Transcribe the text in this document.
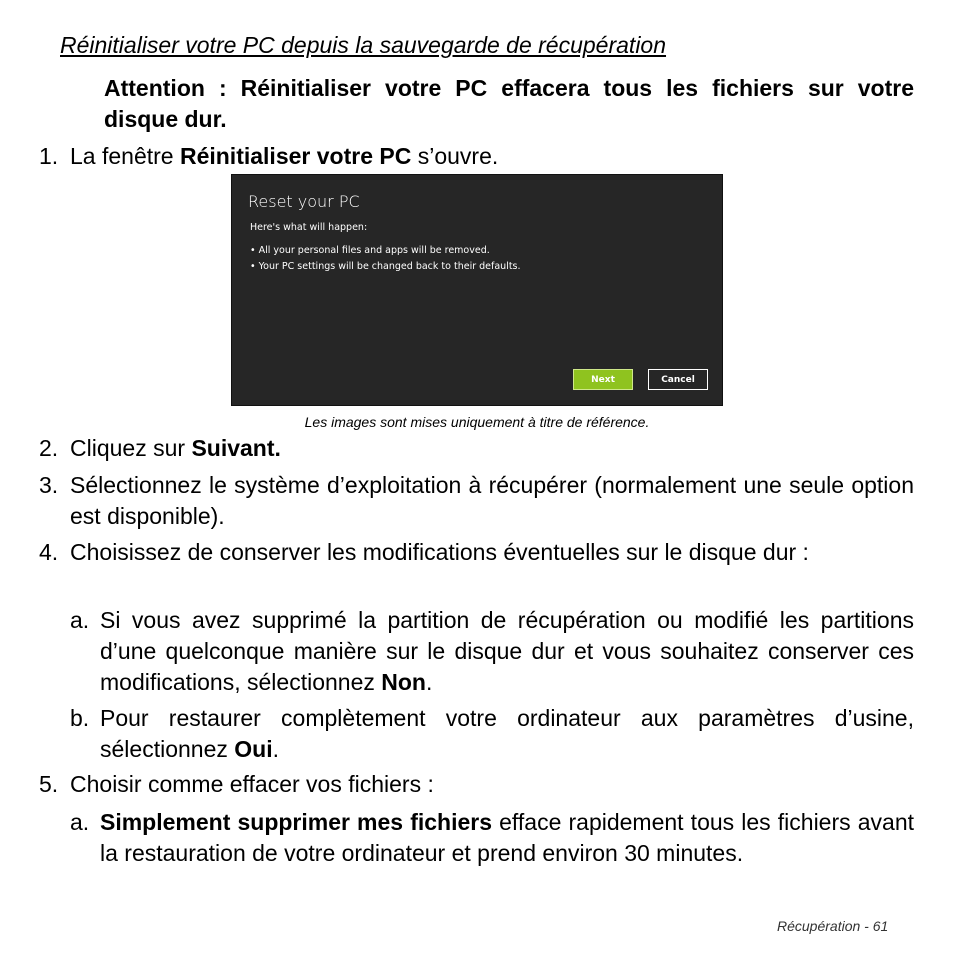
Réinitialiser votre PC depuis la sauvegarde de récupération
Attention : Réinitialiser votre PC effacera tous les fichiers sur votre disque dur.
1. La fenêtre Réinitialiser votre PC s’ouvre.
Reset your PC
Here's what will happen:
• All your personal files and apps will be removed.
• Your PC settings will be changed back to their defaults.
Next	Cancel
Les images sont mises uniquement à titre de référence.
2. Cliquez sur Suivant.
3. Sélectionnez le système d’exploitation à récupérer (normalement une seule option est disponible).
4. Choisissez de conserver les modifications éventuelles sur le disque dur :
a. Si vous avez supprimé la partition de récupération ou modifié les partitions d’une quelconque manière sur le disque dur et vous souhaitez conserver ces modifications, sélectionnez Non.
b. Pour restaurer complètement votre ordinateur aux paramètres d’usine, sélectionnez Oui.
5. Choisir comme effacer vos fichiers :
a. Simplement supprimer mes fichiers efface rapidement tous les fichiers avant la restauration de votre ordinateur et prend environ 30 minutes.
Récupération - 61
